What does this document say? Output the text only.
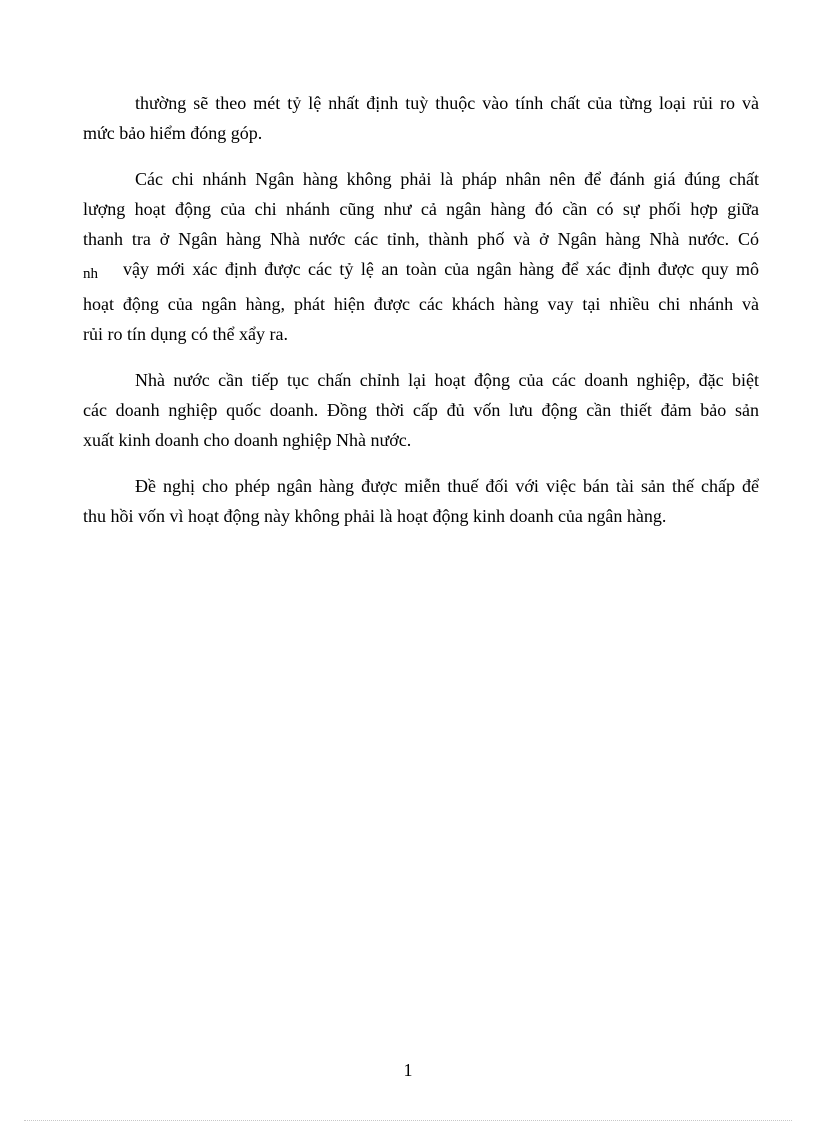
thường sẽ theo mét tỷ lệ nhất định tuỳ thuộc vào tính chất của từng loại rủi ro và
mức bảo hiểm đóng góp.
Các chi nhánh Ngân hàng không phải là pháp nhân nên để đánh giá đúng chất
lượng hoạt động của chi nhánh cũng như cả ngân hàng đó cần có sự phối hợp giữa
thanh tra ở Ngân hàng Nhà nước các tỉnh, thành phố và ở Ngân hàng Nhà nước. Có
nh vậy mới xác định được các tỷ lệ an toàn của ngân hàng để xác định được quy mô
hoạt động của ngân hàng, phát hiện được các khách hàng vay tại nhiều chi nhánh và
rủi ro tín dụng có thể xẩy ra.
Nhà nước cần tiếp tục chấn chỉnh lại hoạt động của các doanh nghiệp, đặc biệt
các doanh nghiệp quốc doanh. Đồng thời cấp đủ vốn lưu động cần thiết đảm bảo sản
xuất kinh doanh cho doanh nghiệp Nhà nước.
Đề nghị cho phép ngân hàng được miễn thuế đối với việc bán tài sản thế chấp để
thu hồi vốn vì hoạt động này không phải là hoạt động kinh doanh của ngân hàng.
1
